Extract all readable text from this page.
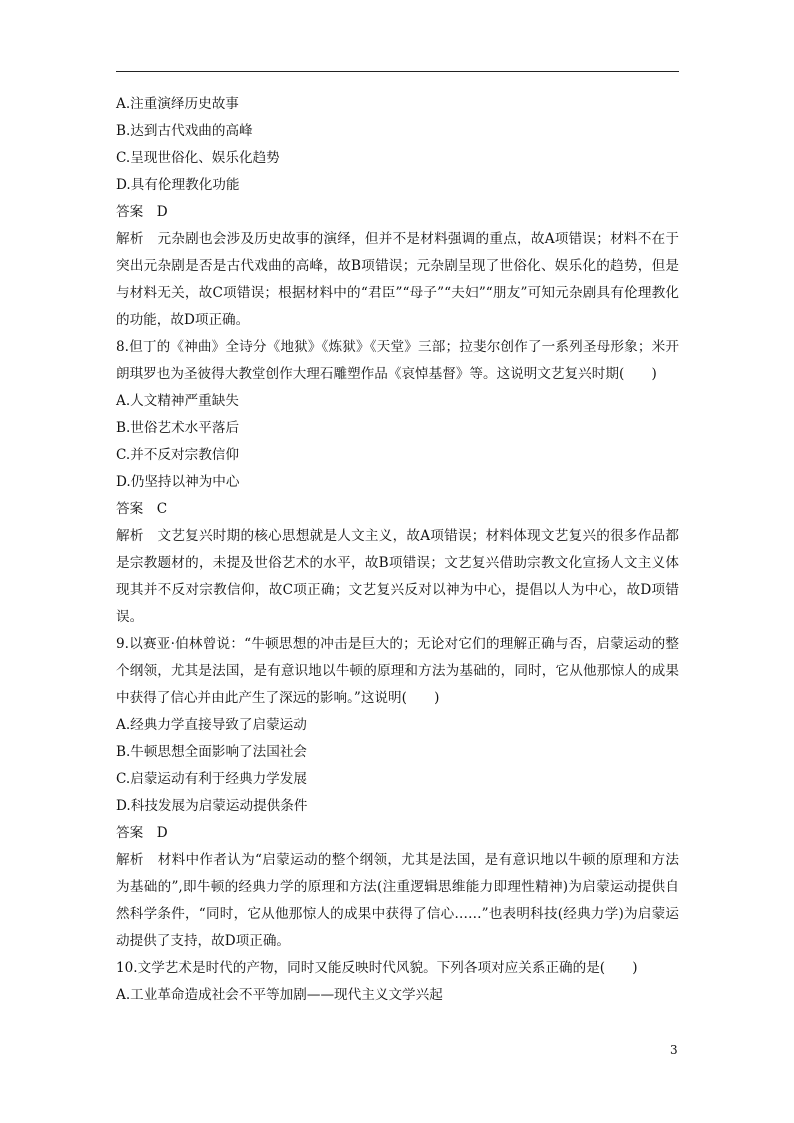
A.注重演绎历史故事
B.达到古代戏曲的高峰
C.呈现世俗化、娱乐化趋势
D.具有伦理教化功能
答案　D
解析　元杂剧也会涉及历史故事的演绎，但并不是材料强调的重点，故A项错误；材料不在于突出元杂剧是否是古代戏曲的高峰，故B项错误；元杂剧呈现了世俗化、娱乐化的趋势，但是与材料无关，故C项错误；根据材料中的“君臣”“母子”“夫妇”“朋友”可知元杂剧具有伦理教化的功能，故D项正确。
8.但丁的《神曲》全诗分《地狱》《炼狱》《天堂》三部；拉斐尔创作了一系列圣母形象；米开朗琪罗也为圣彼得大教堂创作大理石雕塑作品《哀悼基督》等。这说明文艺复兴时期(　　)
A.人文精神严重缺失
B.世俗艺术水平落后
C.并不反对宗教信仰
D.仍坚持以神为中心
答案　C
解析　文艺复兴时期的核心思想就是人文主义，故A项错误；材料体现文艺复兴的很多作品都是宗教题材的，未提及世俗艺术的水平，故B项错误；文艺复兴借助宗教文化宣扬人文主义体现其并不反对宗教信仰，故C项正确；文艺复兴反对以神为中心，提倡以人为中心，故D项错误。
9.以赛亚·伯林曾说：“牛顿思想的冲击是巨大的；无论对它们的理解正确与否，启蒙运动的整个纲领，尤其是法国，是有意识地以牛顿的原理和方法为基础的，同时，它从他那惊人的成果中获得了信心并由此产生了深远的影响。”这说明(　　)
A.经典力学直接导致了启蒙运动
B.牛顿思想全面影响了法国社会
C.启蒙运动有利于经典力学发展
D.科技发展为启蒙运动提供条件
答案　D
解析　材料中作者认为“启蒙运动的整个纲领，尤其是法国，是有意识地以牛顿的原理和方法为基础的”,即牛顿的经典力学的原理和方法(注重逻辑思维能力即理性精神)为启蒙运动提供自然科学条件，“同时，它从他那惊人的成果中获得了信心……”也表明科技(经典力学)为启蒙运动提供了支持，故D项正确。
10.文学艺术是时代的产物，同时又能反映时代风貌。下列各项对应关系正确的是(　　)
A.工业革命造成社会不平等加剧——现代主义文学兴起
3
